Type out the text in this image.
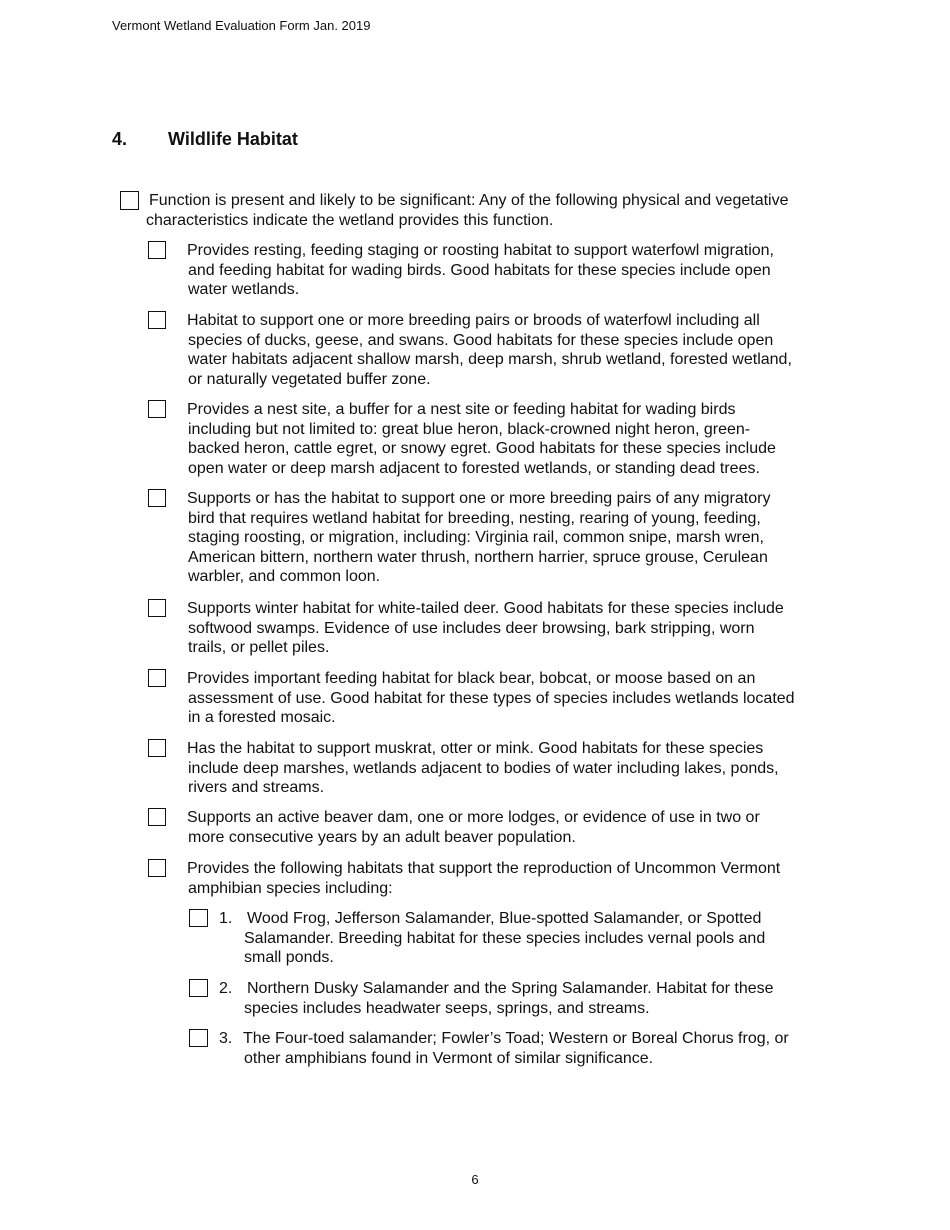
Vermont Wetland Evaluation Form Jan. 2019
4. Wildlife Habitat
Function is present and likely to be significant: Any of the following physical and vegetative
characteristics indicate the wetland provides this function.
Provides resting, feeding staging or roosting habitat to support waterfowl migration,
and feeding habitat for wading birds. Good habitats for these species include open
water wetlands.
Habitat to support one or more breeding pairs or broods of waterfowl including all
species of ducks, geese, and swans. Good habitats for these species include open
water habitats adjacent shallow marsh, deep marsh, shrub wetland, forested wetland,
or naturally vegetated buffer zone.
Provides a nest site, a buffer for a nest site or feeding habitat for wading birds
including but not limited to: great blue heron, black-crowned night heron, green-
backed heron, cattle egret, or snowy egret. Good habitats for these species include
open water or deep marsh adjacent to forested wetlands, or standing dead trees.
Supports or has the habitat to support one or more breeding pairs of any migratory
bird that requires wetland habitat for breeding, nesting, rearing of young, feeding,
staging roosting, or migration, including: Virginia rail, common snipe, marsh wren,
American bittern, northern water thrush, northern harrier, spruce grouse, Cerulean
warbler, and common loon.
Supports winter habitat for white-tailed deer. Good habitats for these species include
softwood swamps. Evidence of use includes deer browsing, bark stripping, worn
trails, or pellet piles.
Provides important feeding habitat for black bear, bobcat, or moose based on an
assessment of use. Good habitat for these types of species includes wetlands located
in a forested mosaic.
Has the habitat to support muskrat, otter or mink. Good habitats for these species
include deep marshes, wetlands adjacent to bodies of water including lakes, ponds,
rivers and streams.
Supports an active beaver dam, one or more lodges, or evidence of use in two or
more consecutive years by an adult beaver population.
Provides the following habitats that support the reproduction of Uncommon Vermont
amphibian species including:
1. Wood Frog, Jefferson Salamander, Blue-spotted Salamander, or Spotted
Salamander. Breeding habitat for these species includes vernal pools and
small ponds.
2. Northern Dusky Salamander and the Spring Salamander. Habitat for these
species includes headwater seeps, springs, and streams.
3. The Four-toed salamander; Fowler’s Toad; Western or Boreal Chorus frog, or
other amphibians found in Vermont of similar significance.
6
